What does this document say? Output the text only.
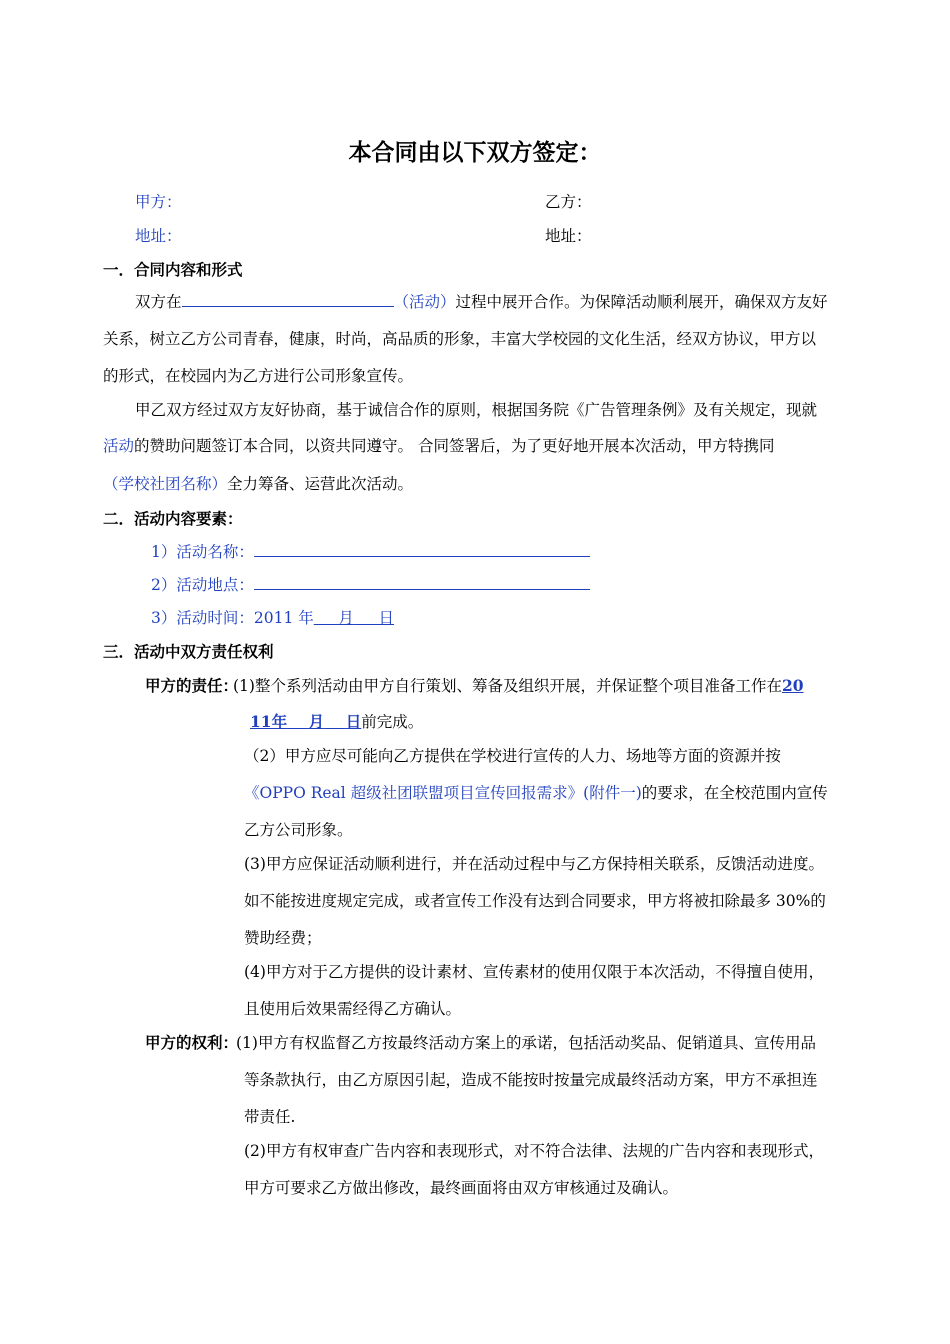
本合同由以下双方签定：
甲方：	乙方：
地址：	地址：
一．合同内容和形式
双方在	（活动）过程中展开合作。为保障活动顺利展开，确保双方友好
关系，树立乙方公司青春，健康，时尚，高品质的形象，丰富大学校园的文化生活，经双方协议，甲方以
的形式，在校园内为乙方进行公司形象宣传。
甲乙双方经过双方友好协商，基于诚信合作的原则，根据国务院《广告管理条例》及有关规定，现就
活动的赞助问题签订本合同，以资共同遵守。 合同签署后，为了更好地开展本次活动，甲方特携同
（学校社团名称）全力筹备、运营此次活动。
二．活动内容要素：
1）活动名称：
2）活动地点：
3）活动时间：2011 年 月 日
三．活动中双方责任权利
甲方的责任：
(1)整个系列活动由甲方自行策划、筹备及组织开展，并保证整个项目准备工作在20
11年 月 日前完成。
（2）甲方应尽可能向乙方提供在学校进行宣传的人力、场地等方面的资源并按
《OPPO Real 超级社团联盟项目宣传回报需求》(附件一)的要求，在全校范围内宣传
乙方公司形象。
(3)甲方应保证活动顺利进行，并在活动过程中与乙方保持相关联系，反馈活动进度。
如不能按进度规定完成，或者宣传工作没有达到合同要求，甲方将被扣除最多 30%的
赞助经费；
(4)甲方对于乙方提供的设计素材、宣传素材的使用仅限于本次活动，不得擅自使用，
且使用后效果需经得乙方确认。
甲方的权利：
(1)甲方有权监督乙方按最终活动方案上的承诺，包括活动奖品、促销道具、宣传用品
等条款执行，由乙方原因引起，造成不能按时按量完成最终活动方案，甲方不承担连
带责任.
(2)甲方有权审查广告内容和表现形式，对不符合法律、法规的广告内容和表现形式，
甲方可要求乙方做出修改，最终画面将由双方审核通过及确认。
